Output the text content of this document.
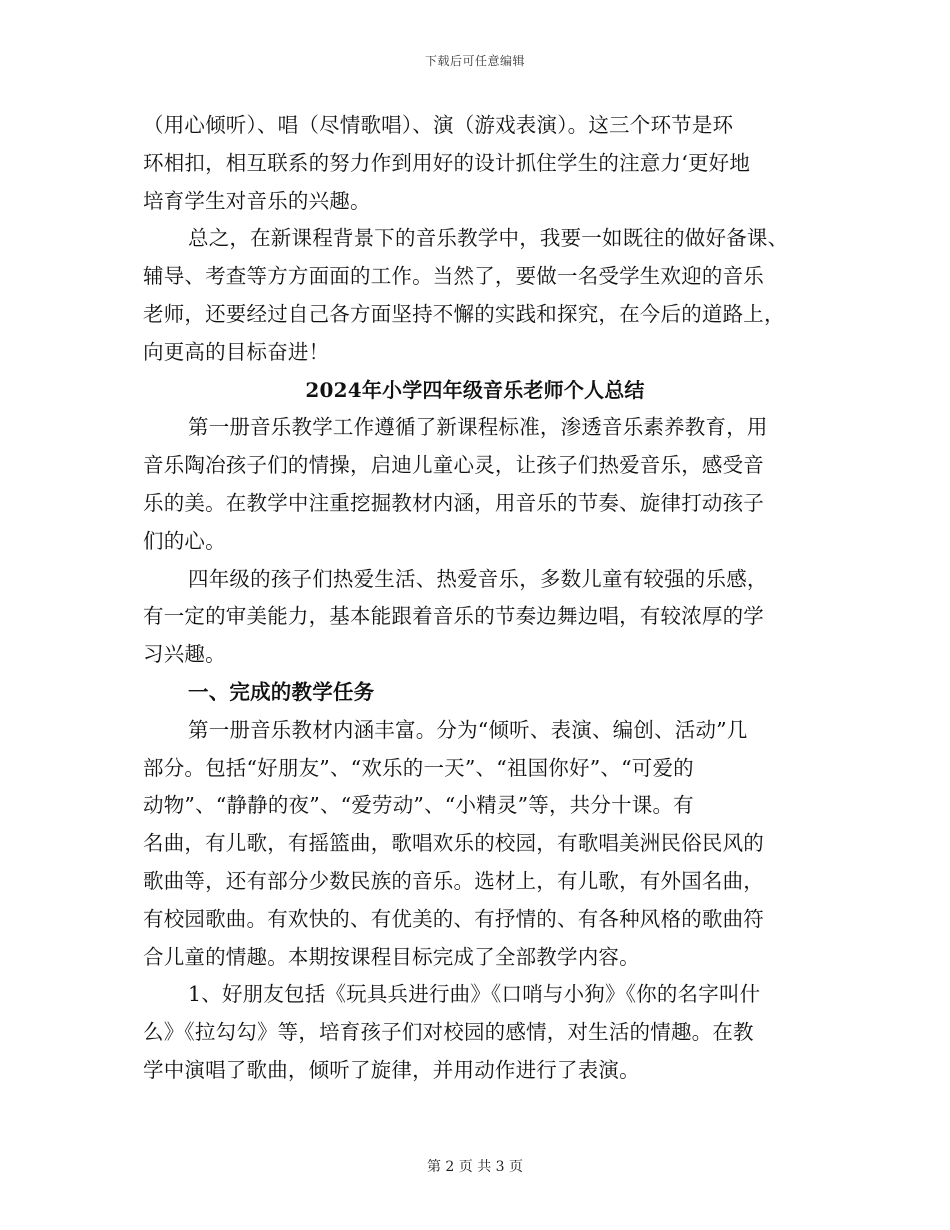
下载后可任意编辑
（用心倾听）、唱（尽情歌唱）、演（游戏表演）。这三个环节是环
环相扣，相互联系的努力作到用好的设计抓住学生的注意力‘更好地
培育学生对音乐的兴趣。
总之，在新课程背景下的音乐教学中，我要一如既往的做好备课、
辅导、考查等方方面面的工作。当然了，要做一名受学生欢迎的音乐
老师，还要经过自己各方面坚持不懈的实践和探究，在今后的道路上，
向更高的目标奋进！
2024年小学四年级音乐老师个人总结
第一册音乐教学工作遵循了新课程标准，渗透音乐素养教育，用
音乐陶冶孩子们的情操，启迪儿童心灵，让孩子们热爱音乐，感受音
乐的美。在教学中注重挖掘教材内涵，用音乐的节奏、旋律打动孩子
们的心。
四年级的孩子们热爱生活、热爱音乐，多数儿童有较强的乐感，
有一定的审美能力，基本能跟着音乐的节奏边舞边唱，有较浓厚的学
习兴趣。
一、完成的教学任务
第一册音乐教材内涵丰富。分为“倾听、表演、编创、活动”几
部分。包括“好朋友”、“欢乐的一天”、“祖国你好”、“可爱的
动物”、“静静的夜”、“爱劳动”、“小精灵”等，共分十课。有
名曲，有儿歌，有摇篮曲，歌唱欢乐的校园，有歌唱美洲民俗民风的
歌曲等，还有部分少数民族的音乐。选材上，有儿歌，有外国名曲，
有校园歌曲。有欢快的、有优美的、有抒情的、有各种风格的歌曲符
合儿童的情趣。本期按课程目标完成了全部教学内容。
1、好朋友包括《玩具兵进行曲》《口哨与小狗》《你的名字叫什
么》《拉勾勾》等，培育孩子们对校园的感情，对生活的情趣。在教
学中演唱了歌曲，倾听了旋律，并用动作进行了表演。
第 2 页 共 3 页
